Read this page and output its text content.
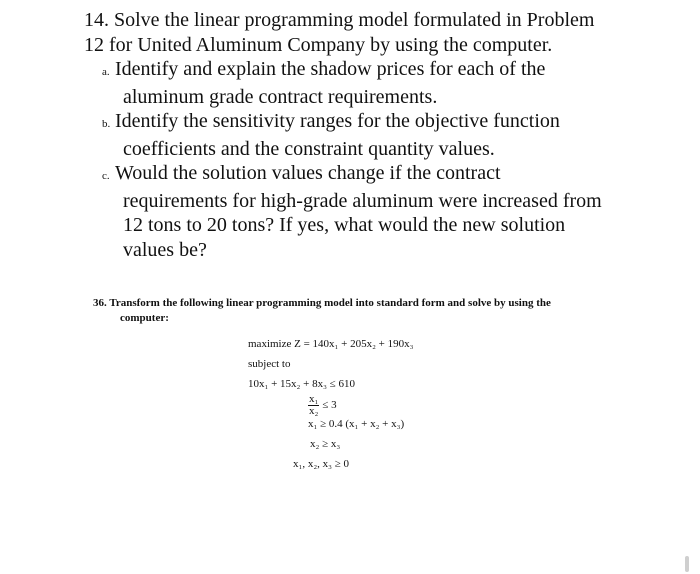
14. Solve the linear programming model formulated in Problem
12 for United Aluminum Company by using the computer.
a. Identify and explain the shadow prices for each of the
aluminum grade contract requirements.
b. Identify the sensitivity ranges for the objective function
coefficients and the constraint quantity values.
c. Would the solution values change if the contract
requirements for high-grade aluminum were increased from
12 tons to 20 tons? If yes, what would the new solution
values be?
36. Transform the following linear programming model into standard form and solve by using the
computer:
maximize Z = 140x₁ + 205x₂ + 190x₃
subject to
10x₁ + 15x₂ + 8x₃ ≤ 610
$\frac{\text{x₁}}{\text{x₂}} \le 3$
x₁ ≥ 0.4 (x₁ + x₂ + x₃)
x₂ ≥ x₃
x₁, x₂, x₃ ≥ 0
